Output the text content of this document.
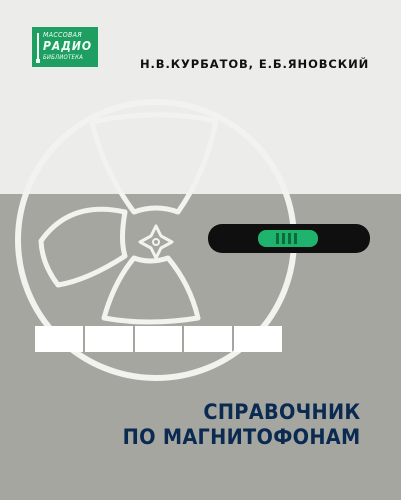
МАССОВАЯ
РАДИО
БИБЛИОТЕКА	Н.В.КУРБАТОВ, Е.Б.ЯНОВСКИЙ

СПРАВОЧНИК
ПО МАГНИТОФОНАМ
